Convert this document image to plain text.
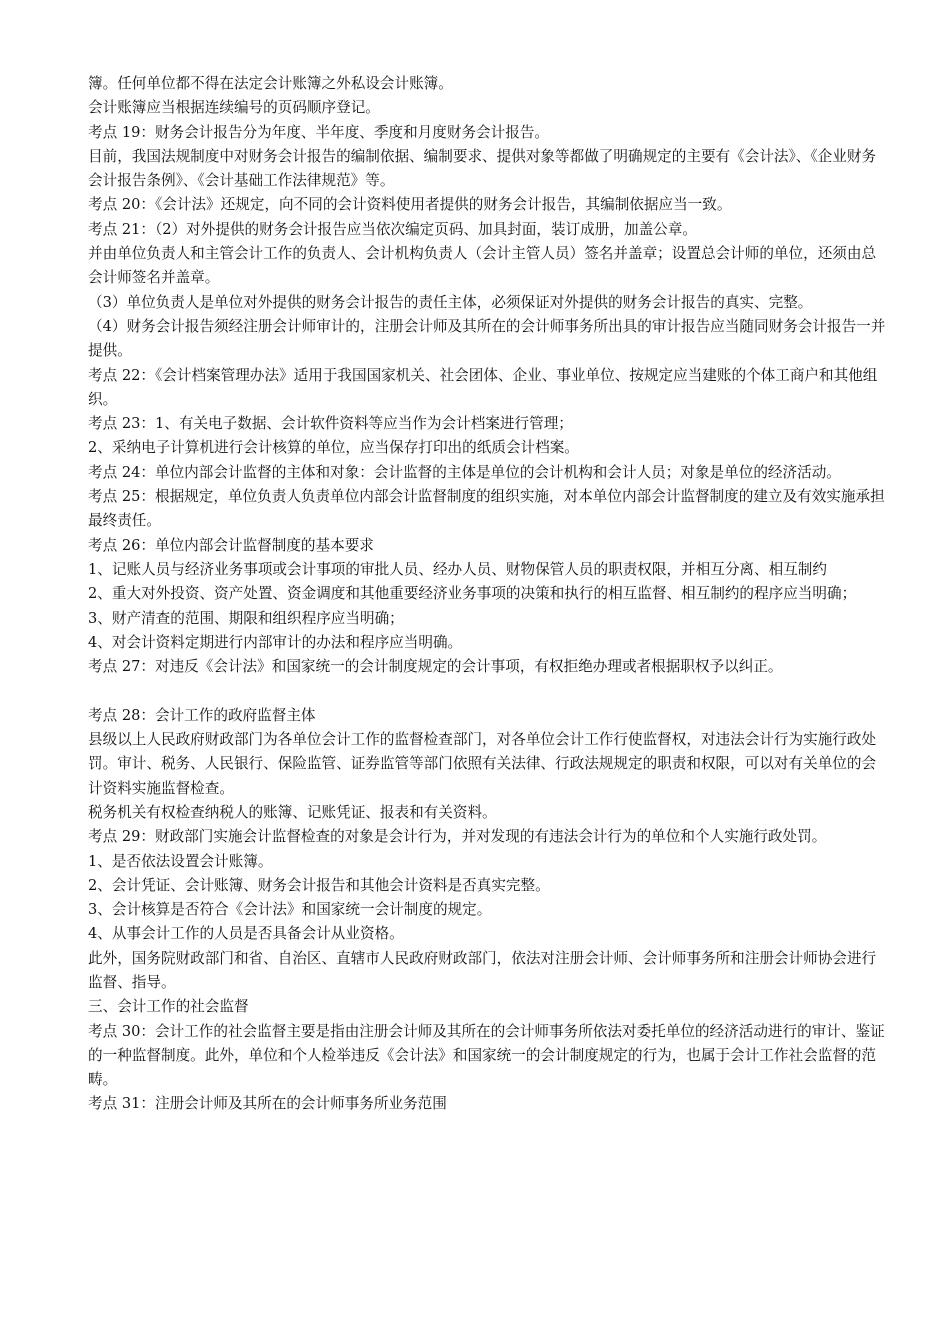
簿。任何单位都不得在法定会计账簿之外私设会计账簿。

会计账簿应当根据连续编号的页码顺序登记。

考点 19：财务会计报告分为年度、半年度、季度和月度财务会计报告。

目前，我国法规制度中对财务会计报告的编制依据、编制要求、提供对象等都做了明确规定的主要有《会计法》、《企业财务会计报告条例》、《会计基础工作法律规范》等。

考点 20：《会计法》还规定，向不同的会计资料使用者提供的财务会计报告，其编制依据应当一致。

考点 21：（2）对外提供的财务会计报告应当依次编定页码、加具封面，装订成册，加盖公章。

并由单位负责人和主管会计工作的负责人、会计机构负责人（会计主管人员）签名并盖章；设置总会计师的单位，还须由总会计师签名并盖章。

（3）单位负责人是单位对外提供的财务会计报告的责任主体，必须保证对外提供的财务会计报告的真实、完整。

（4）财务会计报告须经注册会计师审计的，注册会计师及其所在的会计师事务所出具的审计报告应当随同财务会计报告一并提供。

考点 22：《会计档案管理办法》适用于我国国家机关、社会团体、企业、事业单位、按规定应当建账的个体工商户和其他组织。

考点 23：1、有关电子数据、会计软件资料等应当作为会计档案进行管理；

2、采纳电子计算机进行会计核算的单位，应当保存打印出的纸质会计档案。

考点 24：单位内部会计监督的主体和对象：会计监督的主体是单位的会计机构和会计人员；对象是单位的经济活动。

考点 25：根据规定，单位负责人负责单位内部会计监督制度的组织实施，对本单位内部会计监督制度的建立及有效实施承担最终责任。

考点 26：单位内部会计监督制度的基本要求

1、记账人员与经济业务事项或会计事项的审批人员、经办人员、财物保管人员的职责权限，并相互分离、相互制约

2、重大对外投资、资产处置、资金调度和其他重要经济业务事项的决策和执行的相互监督、相互制约的程序应当明确；

3、财产清查的范围、期限和组织程序应当明确；

4、对会计资料定期进行内部审计的办法和程序应当明确。

考点 27：对违反《会计法》和国家统一的会计制度规定的会计事项，有权拒绝办理或者根据职权予以纠正。

考点 28：会计工作的政府监督主体

县级以上人民政府财政部门为各单位会计工作的监督检查部门，对各单位会计工作行使监督权，对违法会计行为实施行政处罚。审计、税务、人民银行、保险监管、证券监管等部门依照有关法律、行政法规规定的职责和权限，可以对有关单位的会计资料实施监督检查。

税务机关有权检查纳税人的账簿、记账凭证、报表和有关资料。

考点 29：财政部门实施会计监督检查的对象是会计行为，并对发现的有违法会计行为的单位和个人实施行政处罚。

1、是否依法设置会计账簿。

2、会计凭证、会计账簿、财务会计报告和其他会计资料是否真实完整。

3、会计核算是否符合《会计法》和国家统一会计制度的规定。

4、从事会计工作的人员是否具备会计从业资格。

此外，国务院财政部门和省、自治区、直辖市人民政府财政部门，依法对注册会计师、会计师事务所和注册会计师协会进行监督、指导。

三、会计工作的社会监督

考点 30：会计工作的社会监督主要是指由注册会计师及其所在的会计师事务所依法对委托单位的经济活动进行的审计、鉴证的一种监督制度。此外，单位和个人检举违反《会计法》和国家统一的会计制度规定的行为，也属于会计工作社会监督的范畴。

考点 31：注册会计师及其所在的会计师事务所业务范围
